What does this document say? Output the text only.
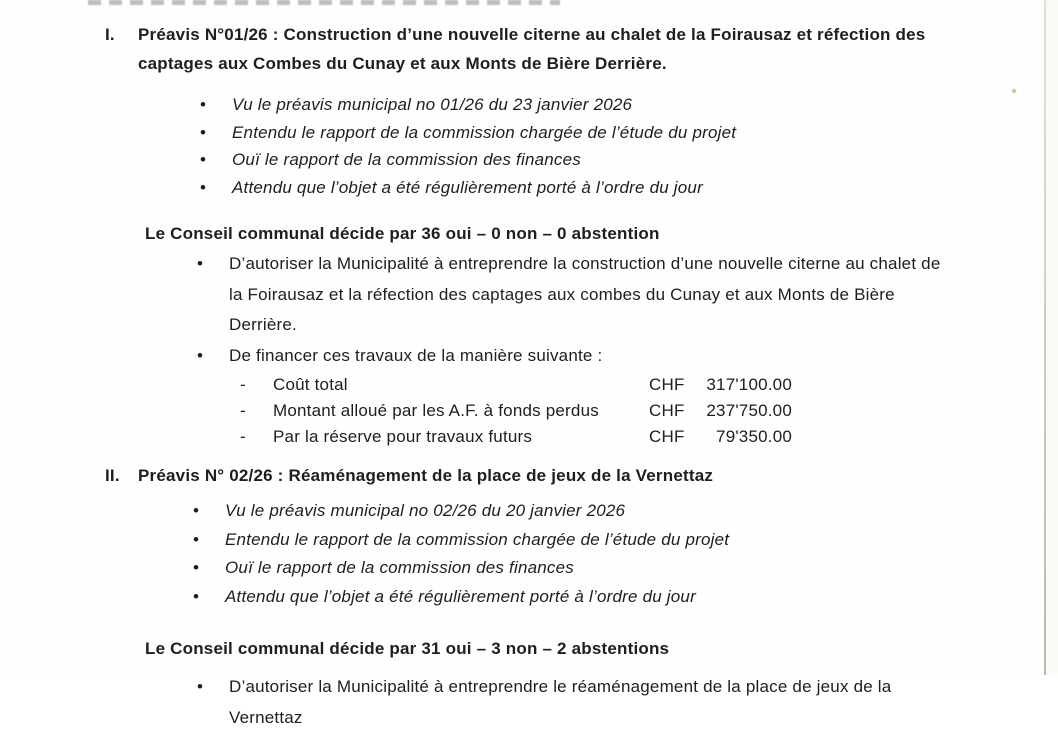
I.	Préavis N°01/26 : Construction d’une nouvelle citerne au chalet de la Foirausaz et réfection des captages aux Combes du Cunay et aux Monts de Bière Derrière.
•	Vu le préavis municipal no 01/26 du 23 janvier 2026
•	Entendu le rapport de la commission chargée de l’étude du projet
•	Ouï le rapport de la commission des finances
•	Attendu que l’objet a été régulièrement porté à l’ordre du jour
Le Conseil communal décide par 36 oui – 0 non – 0 abstention
•	D’autoriser la Municipalité à entreprendre la construction d’une nouvelle citerne au chalet de la Foirausaz et la réfection des captages aux combes du Cunay et aux Monts de Bière Derrière.
•	De financer ces travaux de la manière suivante :
-	Coût total	CHF	317'100.00
-	Montant alloué par les A.F. à fonds perdus	CHF	237'750.00
-	Par la réserve pour travaux futurs	CHF	79'350.00
II.	Préavis N° 02/26 : Réaménagement de la place de jeux de la Vernettaz
•	Vu le préavis municipal no 02/26 du 20 janvier 2026
•	Entendu le rapport de la commission chargée de l’étude du projet
•	Ouï le rapport de la commission des finances
•	Attendu que l’objet a été régulièrement porté à l’ordre du jour
Le Conseil communal décide par 31 oui – 3 non – 2 abstentions
•	D’autoriser la Municipalité à entreprendre le réaménagement de la place de jeux de la Vernettaz
